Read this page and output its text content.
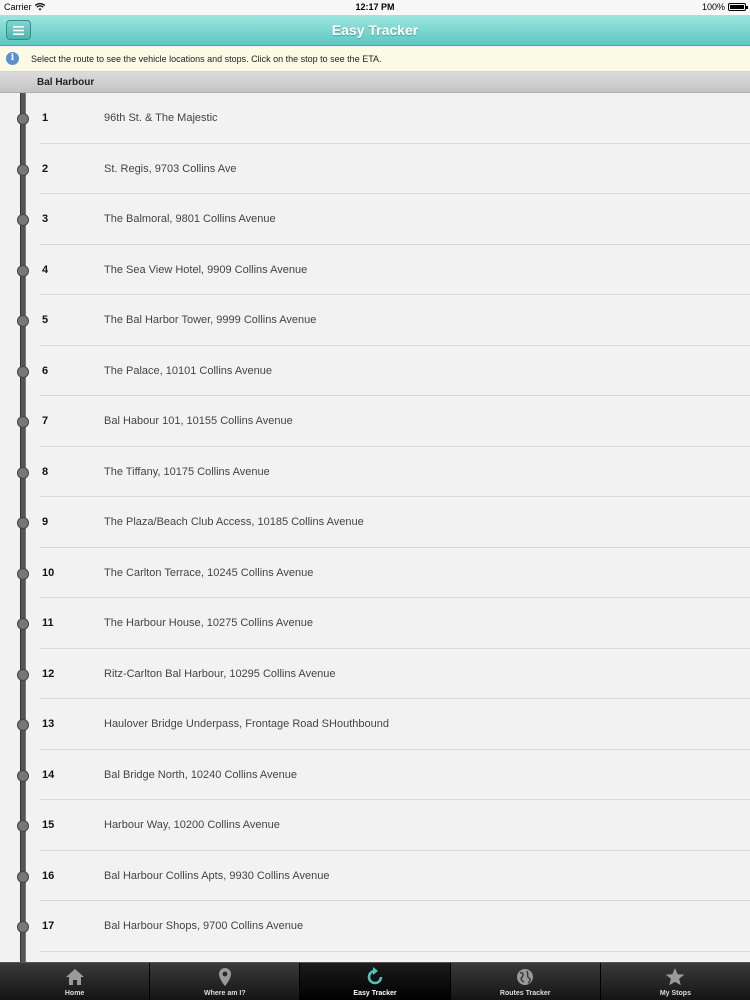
Carrier	12:17 PM	100%
Easy Tracker
i	Select the route to see the vehicle locations and stops. Click on the stop to see the ETA.
Bal Harbour
1	96th St. & The Majestic
2	St. Regis, 9703 Collins Ave
3	The Balmoral, 9801 Collins Avenue
4	The Sea View Hotel, 9909 Collins Avenue
5	The Bal Harbor Tower, 9999 Collins Avenue
6	The Palace, 10101 Collins Avenue
7	Bal Habour 101, 10155 Collins Avenue
8	The Tiffany, 10175 Collins Avenue
9	The Plaza/Beach Club Access, 10185 Collins Avenue
10	The Carlton Terrace, 10245 Collins Avenue
11	The Harbour House, 10275 Collins Avenue
12	Ritz-Carlton Bal Harbour, 10295 Collins Avenue
13	Haulover Bridge Underpass, Frontage Road SHouthbound
14	Bal Bridge North, 10240 Collins Avenue
15	Harbour Way, 10200 Collins Avenue
16	Bal Harbour Collins Apts, 9930 Collins Avenue
17	Bal Harbour Shops, 9700 Collins Avenue
Home	Where am I?	Easy Tracker	Routes Tracker	My Stops
